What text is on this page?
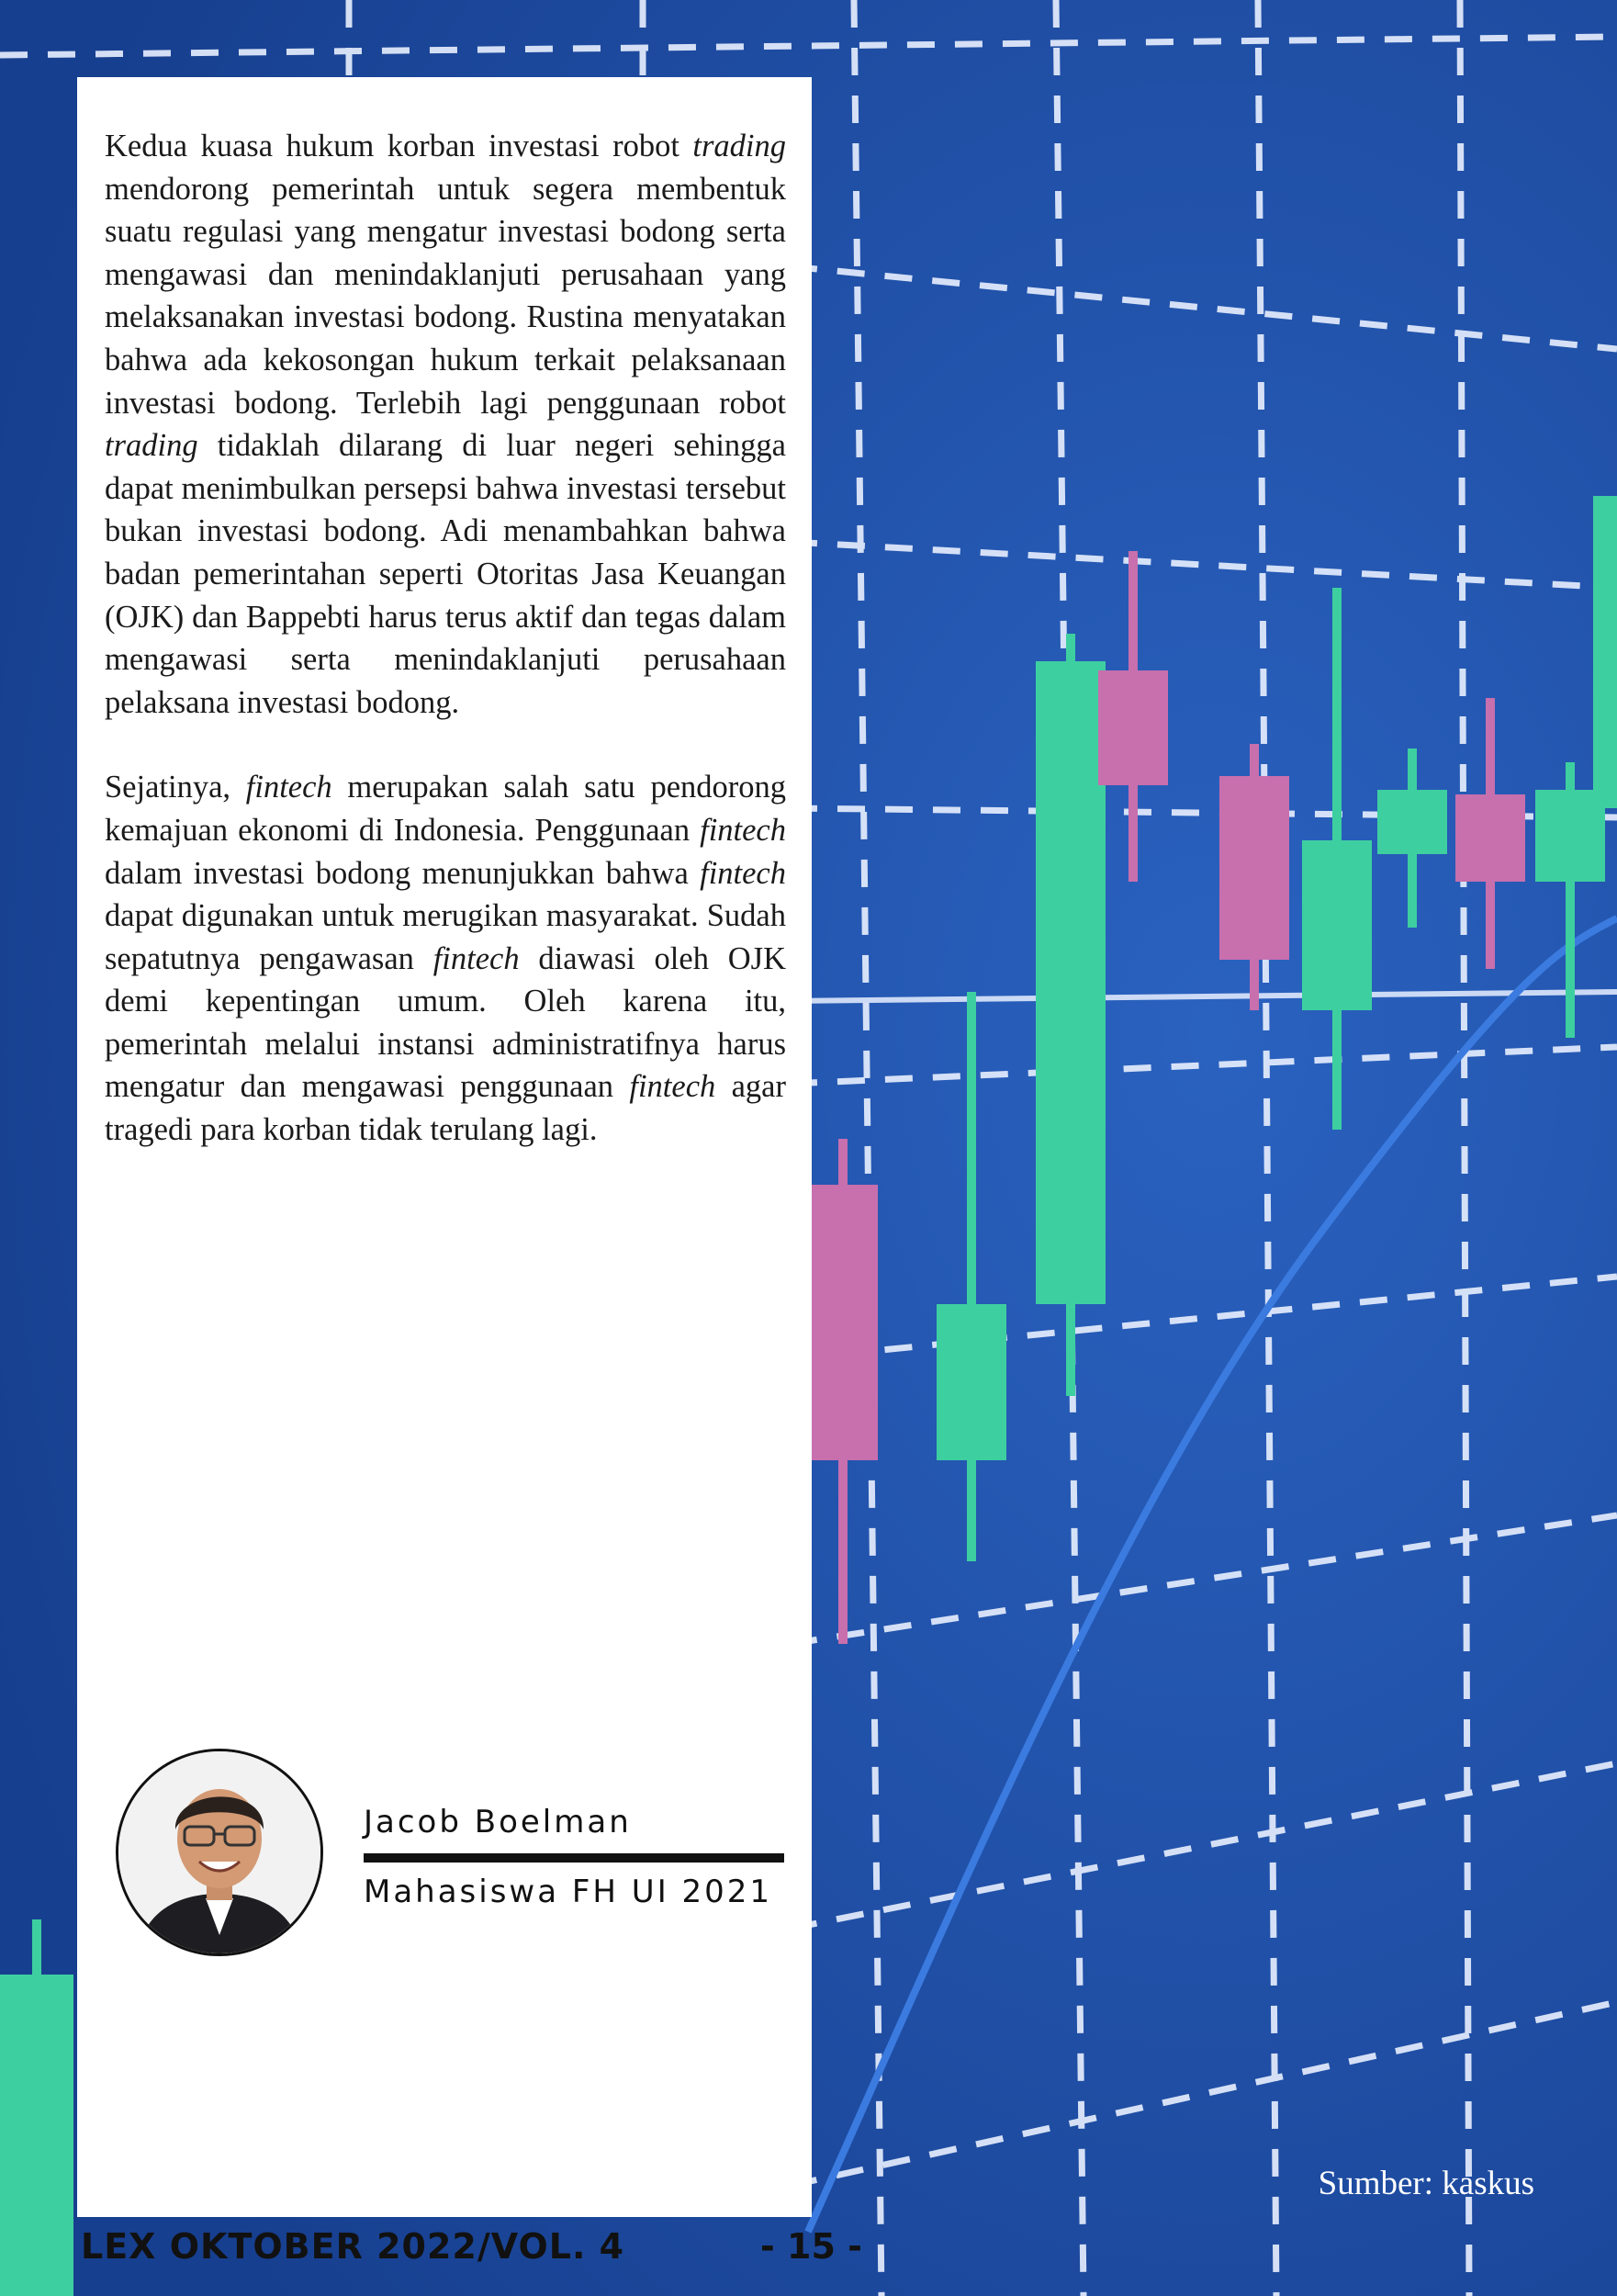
Kedua kuasa hukum korban investasi robot trading mendorong pemerintah untuk segera membentuk suatu regulasi yang mengatur investasi bodong serta mengawasi dan menindaklanjuti perusahaan yang melaksanakan investasi bodong. Rustina menyatakan bahwa ada kekosongan hukum terkait pelaksanaan investasi bodong. Terlebih lagi penggunaan robot trading tidaklah dilarang di luar negeri sehingga dapat menimbulkan persepsi bahwa investasi tersebut bukan investasi bodong. Adi menambahkan bahwa badan pemerintahan seperti Otoritas Jasa Keuangan (OJK) dan Bappebti harus terus aktif dan tegas dalam mengawasi serta menindaklanjuti perusahaan pelaksana investasi bodong.

Sejatinya, fintech merupakan salah satu pendorong kemajuan ekonomi di Indonesia. Penggunaan fintech dalam investasi bodong menunjukkan bahwa fintech dapat digunakan untuk merugikan masyarakat. Sudah sepatutnya pengawasan fintech diawasi oleh OJK demi kepentingan umum. Oleh karena itu, pemerintah melalui instansi administratifnya harus mengatur dan mengawasi penggunaan fintech agar tragedi para korban tidak terulang lagi.

Jacob Boelman
Mahasiswa FH UI 2021
Sumber: kaskus
LEX OKTOBER 2022/VOL. 4	- 15 -
